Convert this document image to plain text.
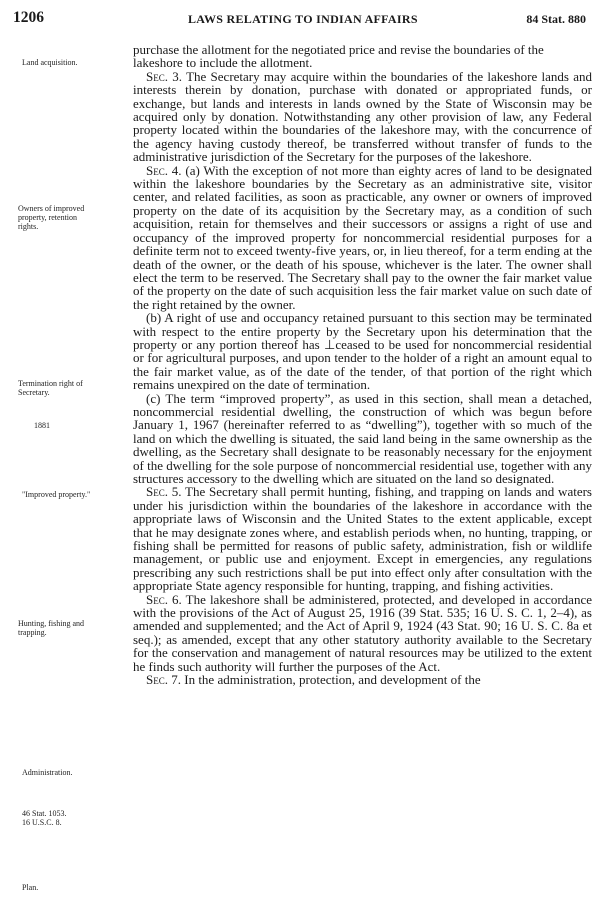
1206	LAWS RELATING TO INDIAN AFFAIRS	84 Stat. 880
Land acquisition.
Owners of improved
property, retention
rights.
Termination right of
Secretary.
1881
"Improved property."
Hunting, fishing and
trapping.
Administration.
46 Stat. 1053.
16 U.S.C. 8.
Plan.

purchase the allotment for the negotiated price and revise the boundaries of the lakeshore to include the allotment.

Sec. 3. The Secretary may acquire within the boundaries of the lakeshore lands and interests therein by donation, purchase with donated or appropriated funds, or exchange, but lands and interests in lands owned by the State of Wisconsin may be acquired only by donation. Notwithstanding any other provision of law, any Federal property located within the boundaries of the lakeshore may, with the concurrence of the agency having custody thereof, be transferred without transfer of funds to the administrative jurisdiction of the Secretary for the purposes of the lakeshore.

Sec. 4. (a) With the exception of not more than eighty acres of land to be designated within the lakeshore boundaries by the Secretary as an administrative site, visitor center, and related facilities, as soon as practicable, any owner or owners of improved property on the date of its acquisition by the Secretary may, as a condition of such acquisition, retain for themselves and their successors or assigns a right of use and occupancy of the improved property for noncommercial residential purposes for a definite term not to exceed twenty-five years, or, in lieu thereof, for a term ending at the death of the owner, or the death of his spouse, whichever is the later. The owner shall elect the term to be reserved. The Secretary shall pay to the owner the fair market value of the property on the date of such acquisition less the fair market value on such date of the right retained by the owner.

(b) A right of use and occupancy retained pursuant to this section may be terminated with respect to the entire property by the Secretary upon his determination that the property or any portion thereof has ⊥ceased to be used for noncommercial residential or for agricultural purposes, and upon tender to the holder of a right an amount equal to the fair market value, as of the date of the tender, of that portion of the right which remains unexpired on the date of termination.

(c) The term “improved property”, as used in this section, shall mean a detached, noncommercial residential dwelling, the construction of which was begun before January 1, 1967 (hereinafter referred to as “dwelling”), together with so much of the land on which the dwelling is situated, the said land being in the same ownership as the dwelling, as the Secretary shall designate to be reasonably necessary for the enjoyment of the dwelling for the sole purpose of noncommercial residential use, together with any structures accessory to the dwelling which are situated on the land so designated.

Sec. 5. The Secretary shall permit hunting, fishing, and trapping on lands and waters under his jurisdiction within the boundaries of the lakeshore in accordance with the appropriate laws of Wisconsin and the United States to the extent applicable, except that he may designate zones where, and establish periods when, no hunting, trapping, or fishing shall be permitted for reasons of public safety, administration, fish or wildlife management, or public use and enjoyment. Except in emergencies, any regulations prescribing any such restrictions shall be put into effect only after consultation with the appropriate State agency responsible for hunting, trapping, and fishing activities.

Sec. 6. The lakeshore shall be administered, protected, and developed in accordance with the provisions of the Act of August 25, 1916 (39 Stat. 535; 16 U. S. C. 1, 2–4), as amended and supplemented; and the Act of April 9, 1924 (43 Stat. 90; 16 U. S. C. 8a et seq.); as amended, except that any other statutory authority available to the Secretary for the conservation and management of natural resources may be utilized to the extent he finds such authority will further the purposes of the Act.

Sec. 7. In the administration, protection, and development of the
